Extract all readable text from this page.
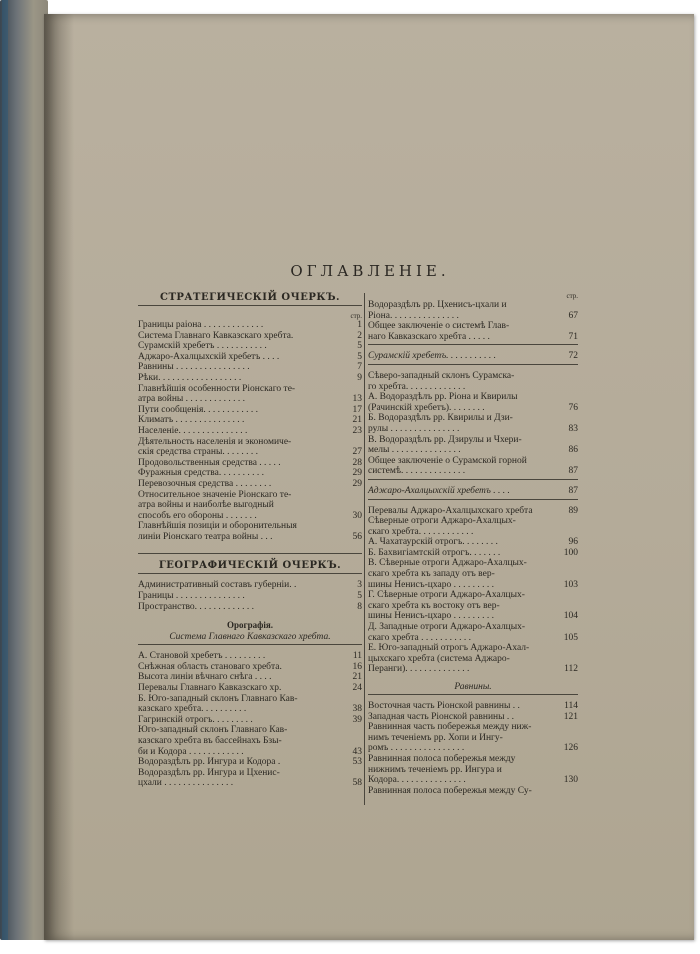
ОГЛАВЛЕНІЕ.
СТРАТЕГИЧЕСКІЙ ОЧЕРКЪ.
стр.
Границы раіона . . . . . . . . . . . . .	1
Система Главнаго Кавказскаго хребта.	2
Сурамскій хребетъ . . . . . . . . . . .	5
Аджаро-Ахалцыхскій хребетъ . . . .	5
Равнины . . . . . . . . . . . . . . . .	7
Рѣки. . . . . . . . . . . . . . . . . .	9
Главнѣйшія особенности Ріонскаго те-
атра войны . . . . . . . . . . . . .	13
Пути сообщенія. . . . . . . . . . . .	17
Климатъ . . . . . . . . . . . . . . .	21
Населеніе. . . . . . . . . . . . . . .	23
Дѣятельность населенія и экономиче-
скія средства страны. . . . . . . .	27
Продовольственныя средства . . . . .	28
Фуражныя средства. . . . . . . . . .	29
Перевозочныя средства . . . . . . . .	29
Относительное значеніе Ріонскаго те-
атра войны и наиболѣе выгодный
способъ его обороны . . . . . . .	30
Главнѣйшія позиціи и оборонительныя
линіи Ріонскаго театра войны . . .	56
ГЕОГРАФИЧЕСКІЙ ОЧЕРКЪ.
Административный составъ губерніи. .	3
Границы . . . . . . . . . . . . . . .	5
Пространство. . . . . . . . . . . . .	8
Орографія.
Система Главнаго Кавказскаго хребта.
А. Становой хребетъ . . . . . . . . .	11
Снѣжная область становаго хребта.	16
Высота линіи вѣчнаго снѣга . . . .	21
Перевалы Главнаго Кавказскаго хр.	24
Б. Юго-западный склонъ Главнаго Кав-
казскаго хребта. . . . . . . . . .	38
Гагринскій отрогъ. . . . . . . . .	39
Юго-западный склонъ Главнаго Кав-
казскаго хребта въ бассейнахъ Бзы-
би и Кодора . . . . . . . . . . . .	43
Водораздѣлъ рр. Ингура и Кодора .	53
Водораздѣлъ рр. Ингура и Цхенис-
цхали . . . . . . . . . . . . . . .	58
стр.
Водораздѣлъ рр. Цхенисъ-цхали и
Ріона. . . . . . . . . . . . . . .	67
Общее заключеніе о системѣ Глав-
наго Кавказскаго хребта . . . . .	71
Сурамскій хребетъ. . . . . . . . . . .	72
Сѣверо-западный склонъ Сурамска-
го хребта. . . . . . . . . . . . .
А. Водораздѣлъ рр. Ріона и Квирилы
(Рачинскій хребетъ). . . . . . . .	76
Б. Водораздѣлъ рр. Квирилы и Дзи-
рулы . . . . . . . . . . . . . . .	83
В. Водораздѣлъ рр. Дзирулы и Чхери-
мелы . . . . . . . . . . . . . . .	86
Общее заключеніе о Сурамской горной
системѣ. . . . . . . . . . . . . .	87
Аджаро-Ахалцыхскій хребетъ . . . .	87
Перевалы Аджаро-Ахалцыхскаго хребта	89
Сѣверные отроги Аджаро-Ахалцых-
скаго хребта. . . . . . . . . . . .
А. Чахатаурскій отрогъ. . . . . . . .	96
Б. Бахвигіамтскій отрогъ. . . . . . .	100
В. Сѣверные отроги Аджаро-Ахалцых-
скаго хребта къ западу отъ вер-
шины Ненисъ-цхаро . . . . . . . . .	103
Г. Сѣверные отроги Аджаро-Ахалцых-
скаго хребта къ востоку отъ вер-
шины Ненисъ-цхаро . . . . . . . . .	104
Д. Западные отроги Аджаро-Ахалцых-
скаго хребта . . . . . . . . . . .	105
Е. Юго-западный отрогъ Аджаро-Ахал-
цыхскаго хребта (система Аджаро-
Перанги). . . . . . . . . . . . . .	112
Равнины.
Восточная часть Ріонской равнины . .	114
Западная часть Ріонской равнины . .	121
Равнинная часть побережья между ниж-
нимъ теченіемъ рр. Хопи и Ингу-
ромъ . . . . . . . . . . . . . . . .	126
Равнинная полоса побережья между
нижнимъ теченіемъ рр. Ингура и
Кодора. . . . . . . . . . . . . . .	130
Равнинная полоса побережья между Су-
